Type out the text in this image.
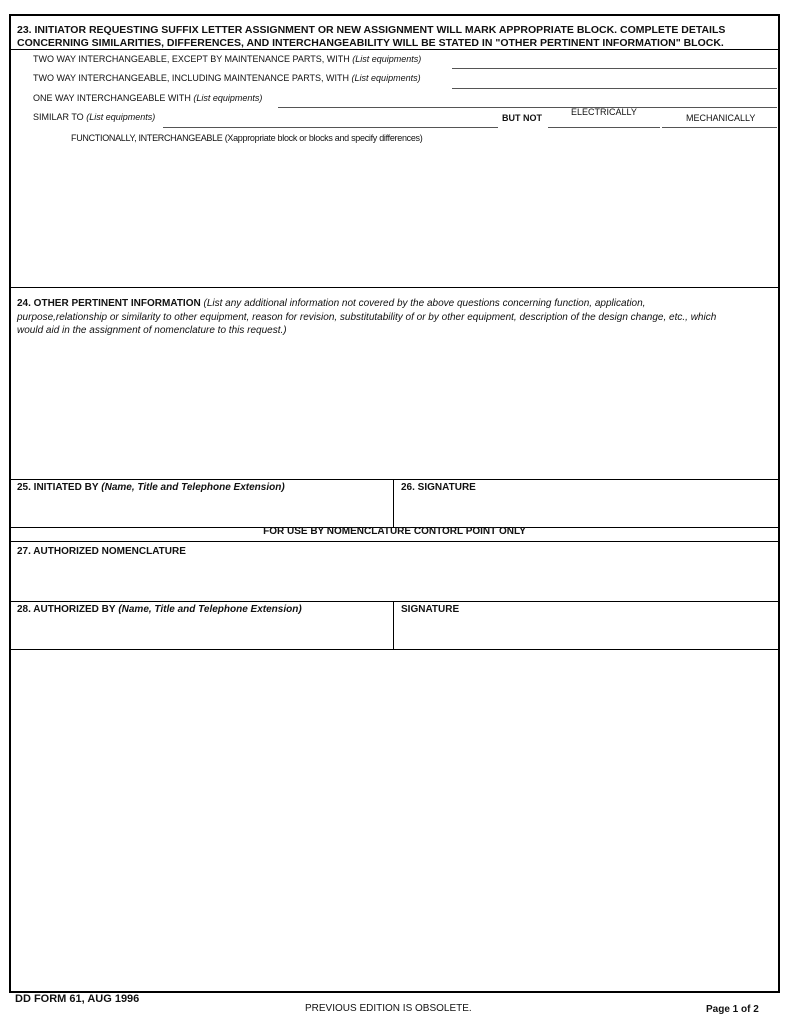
23. INITIATOR REQUESTING SUFFIX LETTER ASSIGNMENT OR NEW ASSIGNMENT WILL MARK APPROPRIATE BLOCK. COMPLETE DETAILS
CONCERNING SIMILARITIES, DIFFERENCES, AND INTERCHANGEABILITY WILL BE STATED IN "OTHER PERTINENT INFORMATION" BLOCK.
TWO WAY INTERCHANGEABLE, EXCEPT BY MAINTENANCE PARTS, WITH (List equipments)
TWO WAY INTERCHANGEABLE, INCLUDING MAINTENANCE PARTS, WITH (List equipments)
ONE WAY INTERCHANGEABLE WITH (List equipments)
SIMILAR TO (List equipments)	BUT NOT
ELECTRICALLY
MECHANICALLY
FUNCTIONALLY, INTERCHANGEABLE (Xappropriate block or blocks and specify differences)
24. OTHER PERTINENT INFORMATION (List any additional information not covered by the above questions concerning function, application,
purpose,relationship or similarity to other equipment, reason for revision, substitutability of or by other equipment, description of the design change, etc., which
would aid in the assignment of nomenclature to this request.)
25. INITIATED BY (Name, Title and Telephone Extension)	26. SIGNATURE
FOR USE BY NOMENCLATURE CONTORL POINT ONLY
27. AUTHORIZED NOMENCLATURE
28. AUTHORIZED BY (Name, Title and Telephone Extension)	SIGNATURE
DD FORM 61, AUG 1996
PREVIOUS EDITION IS OBSOLETE.	Page 1 of 2
